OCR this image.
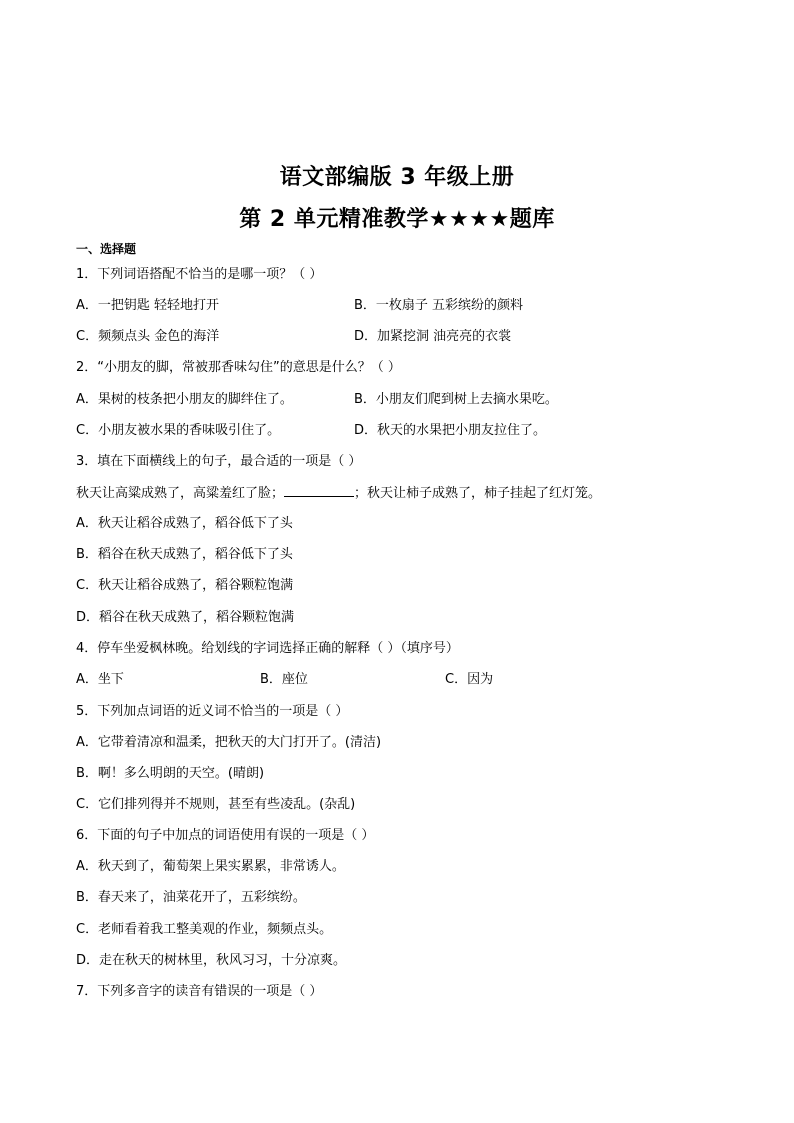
语文部编版 3 年级上册
第 2 单元精准教学★★★★题库
一、选择题
1．下列词语搭配不恰当的是哪一项？（ ）
A．一把钥匙 轻轻地打开	B．一枚扇子 五彩缤纷的颜料
C．频频点头 金色的海洋	D．加紧挖洞 油亮亮的衣裳
2．“小朋友的脚，常被那香味勾住”的意思是什么？（ ）
A．果树的枝条把小朋友的脚绊住了。	B．小朋友们爬到树上去摘水果吃。
C．小朋友被水果的香味吸引住了。	D．秋天的水果把小朋友拉住了。
3．填在下面横线上的句子，最合适的一项是（ ）
秋天让高粱成熟了，高粱羞红了脸；	；秋天让柿子成熟了，柿子挂起了红灯笼。
A．秋天让稻谷成熟了，稻谷低下了头
B．稻谷在秋天成熟了，稻谷低下了头
C．秋天让稻谷成熟了，稻谷颗粒饱满
D．稻谷在秋天成熟了，稻谷颗粒饱满
4．停车坐爱枫林晚。给划线的字词选择正确的解释（ ）（填序号）
A．坐下	B．座位	C．因为
5．下列加点词语的近义词不恰当的一项是（ ）
A．它带着清凉和温柔，把秋天的大门打开了。(清洁)
B．啊！多么明朗的天空。(晴朗)
C．它们排列得并不规则，甚至有些凌乱。(杂乱)
6．下面的句子中加点的词语使用有误的一项是（ ）
A．秋天到了，葡萄架上果实累累，非常诱人。
B．春天来了，油菜花开了，五彩缤纷。
C．老师看着我工整美观的作业，频频点头。
D．走在秋天的树林里，秋风习习，十分凉爽。
7．下列多音字的读音有错误的一项是（ ）
